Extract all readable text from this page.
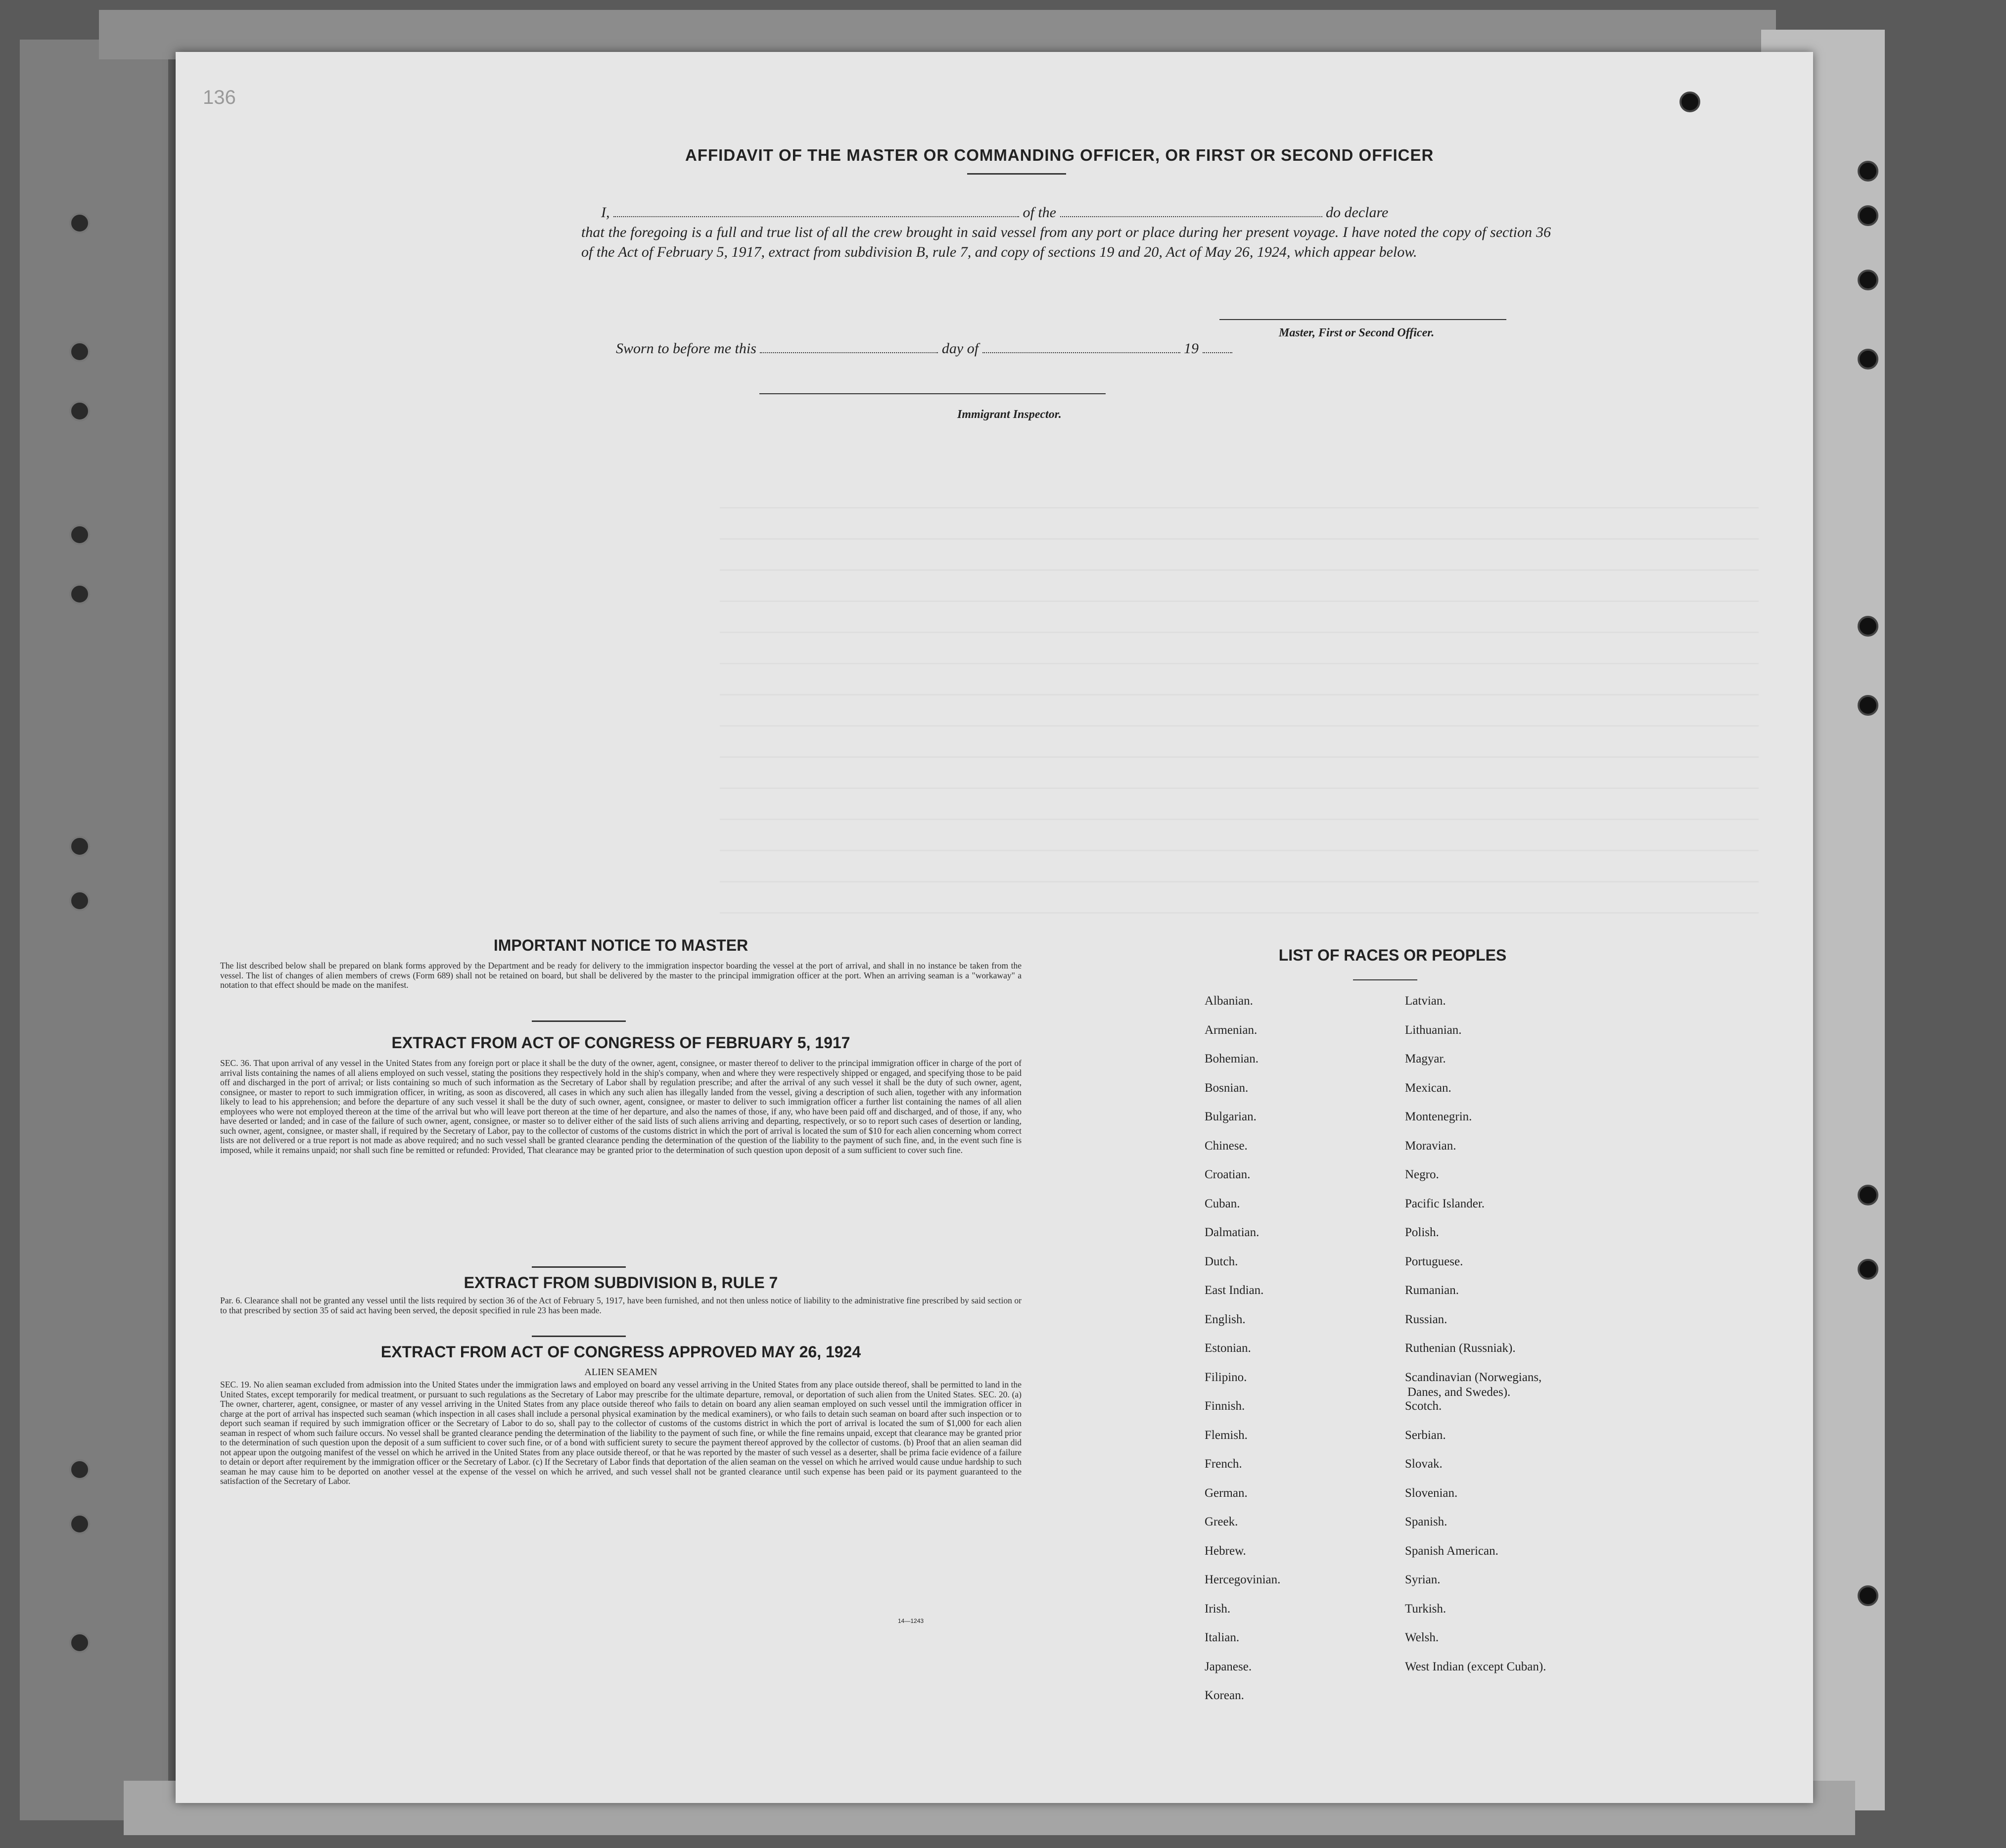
136
AFFIDAVIT OF THE MASTER OR COMMANDING OFFICER, OR FIRST OR SECOND OFFICER
I,	of the	do declare
that the foregoing is a full and true list of all the crew brought in said vessel from any port or place during her present voyage. I have noted the copy of section 36 of the Act of February 5, 1917, extract from subdivision B, rule 7, and copy of sections 19 and 20, Act of May 26, 1924, which appear below.
Master, First or Second Officer.
Sworn to before me this	day of	19
Immigrant Inspector.
IMPORTANT NOTICE TO MASTER
The list described below shall be prepared on blank forms approved by the Department and be ready for delivery to the immigration inspector boarding the vessel at the port of arrival, and shall in no instance be taken from the vessel. The list of changes of alien members of crews (Form 689) shall not be retained on board, but shall be delivered by the master to the principal immigration officer at the port. When an arriving seaman is a "workaway" a notation to that effect should be made on the manifest.
EXTRACT FROM ACT OF CONGRESS OF FEBRUARY 5, 1917
SEC. 36. That upon arrival of any vessel in the United States from any foreign port or place it shall be the duty of the owner, agent, consignee, or master thereof to deliver to the principal immigration officer in charge of the port of arrival lists containing the names of all aliens employed on such vessel, stating the positions they respectively hold in the ship's company, when and where they were respectively shipped or engaged, and specifying those to be paid off and discharged in the port of arrival; or lists containing so much of such information as the Secretary of Labor shall by regulation prescribe; and after the arrival of any such vessel it shall be the duty of such owner, agent, consignee, or master to report to such immigration officer, in writing, as soon as discovered, all cases in which any such alien has illegally landed from the vessel, giving a description of such alien, together with any information likely to lead to his apprehension; and before the departure of any such vessel it shall be the duty of such owner, agent, consignee, or master to deliver to such immigration officer a further list containing the names of all alien employees who were not employed thereon at the time of the arrival but who will leave port thereon at the time of her departure, and also the names of those, if any, who have been paid off and discharged, and of those, if any, who have deserted or landed; and in case of the failure of such owner, agent, consignee, or master so to deliver either of the said lists of such aliens arriving and departing, respectively, or so to report such cases of desertion or landing, such owner, agent, consignee, or master shall, if required by the Secretary of Labor, pay to the collector of customs of the customs district in which the port of arrival is located the sum of $10 for each alien concerning whom correct lists are not delivered or a true report is not made as above required; and no such vessel shall be granted clearance pending the determination of the question of the liability to the payment of such fine, and, in the event such fine is imposed, while it remains unpaid; nor shall such fine be remitted or refunded: Provided, That clearance may be granted prior to the determination of such question upon deposit of a sum sufficient to cover such fine.
EXTRACT FROM SUBDIVISION B, RULE 7
Par. 6. Clearance shall not be granted any vessel until the lists required by section 36 of the Act of February 5, 1917, have been furnished, and not then unless notice of liability to the administrative fine prescribed by said section or to that prescribed by section 35 of said act having been served, the deposit specified in rule 23 has been made.
EXTRACT FROM ACT OF CONGRESS APPROVED MAY 26, 1924
ALIEN SEAMEN
SEC. 19. No alien seaman excluded from admission into the United States under the immigration laws and employed on board any vessel arriving in the United States from any place outside thereof, shall be permitted to land in the United States, except temporarily for medical treatment, or pursuant to such regulations as the Secretary of Labor may prescribe for the ultimate departure, removal, or deportation of such alien from the United States. SEC. 20. (a) The owner, charterer, agent, consignee, or master of any vessel arriving in the United States from any place outside thereof who fails to detain on board any alien seaman employed on such vessel until the immigration officer in charge at the port of arrival has inspected such seaman (which inspection in all cases shall include a personal physical examination by the medical examiners), or who fails to detain such seaman on board after such inspection or to deport such seaman if required by such immigration officer or the Secretary of Labor to do so, shall pay to the collector of customs of the customs district in which the port of arrival is located the sum of $1,000 for each alien seaman in respect of whom such failure occurs. No vessel shall be granted clearance pending the determination of the liability to the payment of such fine, or while the fine remains unpaid, except that clearance may be granted prior to the determination of such question upon the deposit of a sum sufficient to cover such fine, or of a bond with sufficient surety to secure the payment thereof approved by the collector of customs. (b) Proof that an alien seaman did not appear upon the outgoing manifest of the vessel on which he arrived in the United States from any place outside thereof, or that he was reported by the master of such vessel as a deserter, shall be prima facie evidence of a failure to detain or deport after requirement by the immigration officer or the Secretary of Labor. (c) If the Secretary of Labor finds that deportation of the alien seaman on the vessel on which he arrived would cause undue hardship to such seaman he may cause him to be deported on another vessel at the expense of the vessel on which he arrived, and such vessel shall not be granted clearance until such expense has been paid or its payment guaranteed to the satisfaction of the Secretary of Labor.
14—1243
LIST OF RACES OR PEOPLES
Albanian.
Armenian.
Bohemian.
Bosnian.
Bulgarian.
Chinese.
Croatian.
Cuban.
Dalmatian.
Dutch.
East Indian.
English.
Estonian.
Filipino.
Finnish.
Flemish.
French.
German.
Greek.
Hebrew.
Hercegovinian.
Irish.
Italian.
Japanese.
Korean.
Latvian.
Lithuanian.
Magyar.
Mexican.
Montenegrin.
Moravian.
Negro.
Pacific Islander.
Polish.
Portuguese.
Rumanian.
Russian.
Ruthenian (Russniak).
Scandinavian (Norwegians,
Danes, and Swedes).
Scotch.
Serbian.
Slovak.
Slovenian.
Spanish.
Spanish American.
Syrian.
Turkish.
Welsh.
West Indian (except Cuban).
